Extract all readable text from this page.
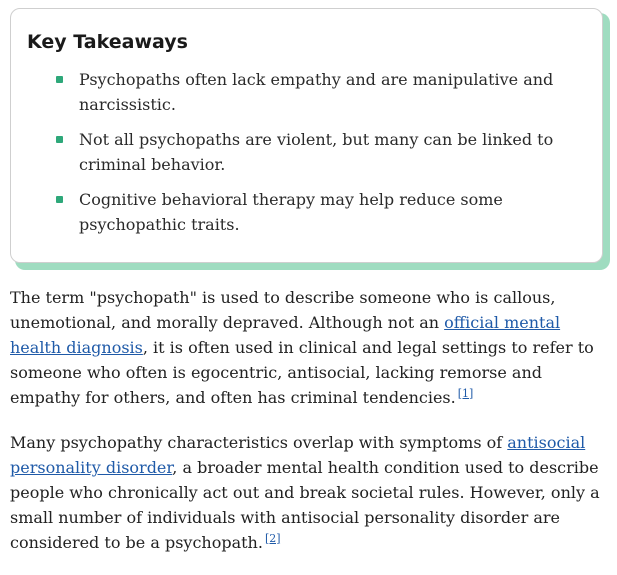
Key Takeaways
Psychopaths often lack empathy and are manipulative and narcissistic.
Not all psychopaths are violent, but many can be linked to criminal behavior.
Cognitive behavioral therapy may help reduce some psychopathic traits.

The term "psychopath" is used to describe someone who is callous, unemotional, and morally depraved. Although not an official mental health diagnosis, it is often used in clinical and legal settings to refer to someone who often is egocentric, antisocial, lacking remorse and empathy for others, and often has criminal tendencies. [1]

Many psychopathy characteristics overlap with symptoms of antisocial personality disorder, a broader mental health condition used to describe people who chronically act out and break societal rules. However, only a small number of individuals with antisocial personality disorder are considered to be a psychopath. [2]
